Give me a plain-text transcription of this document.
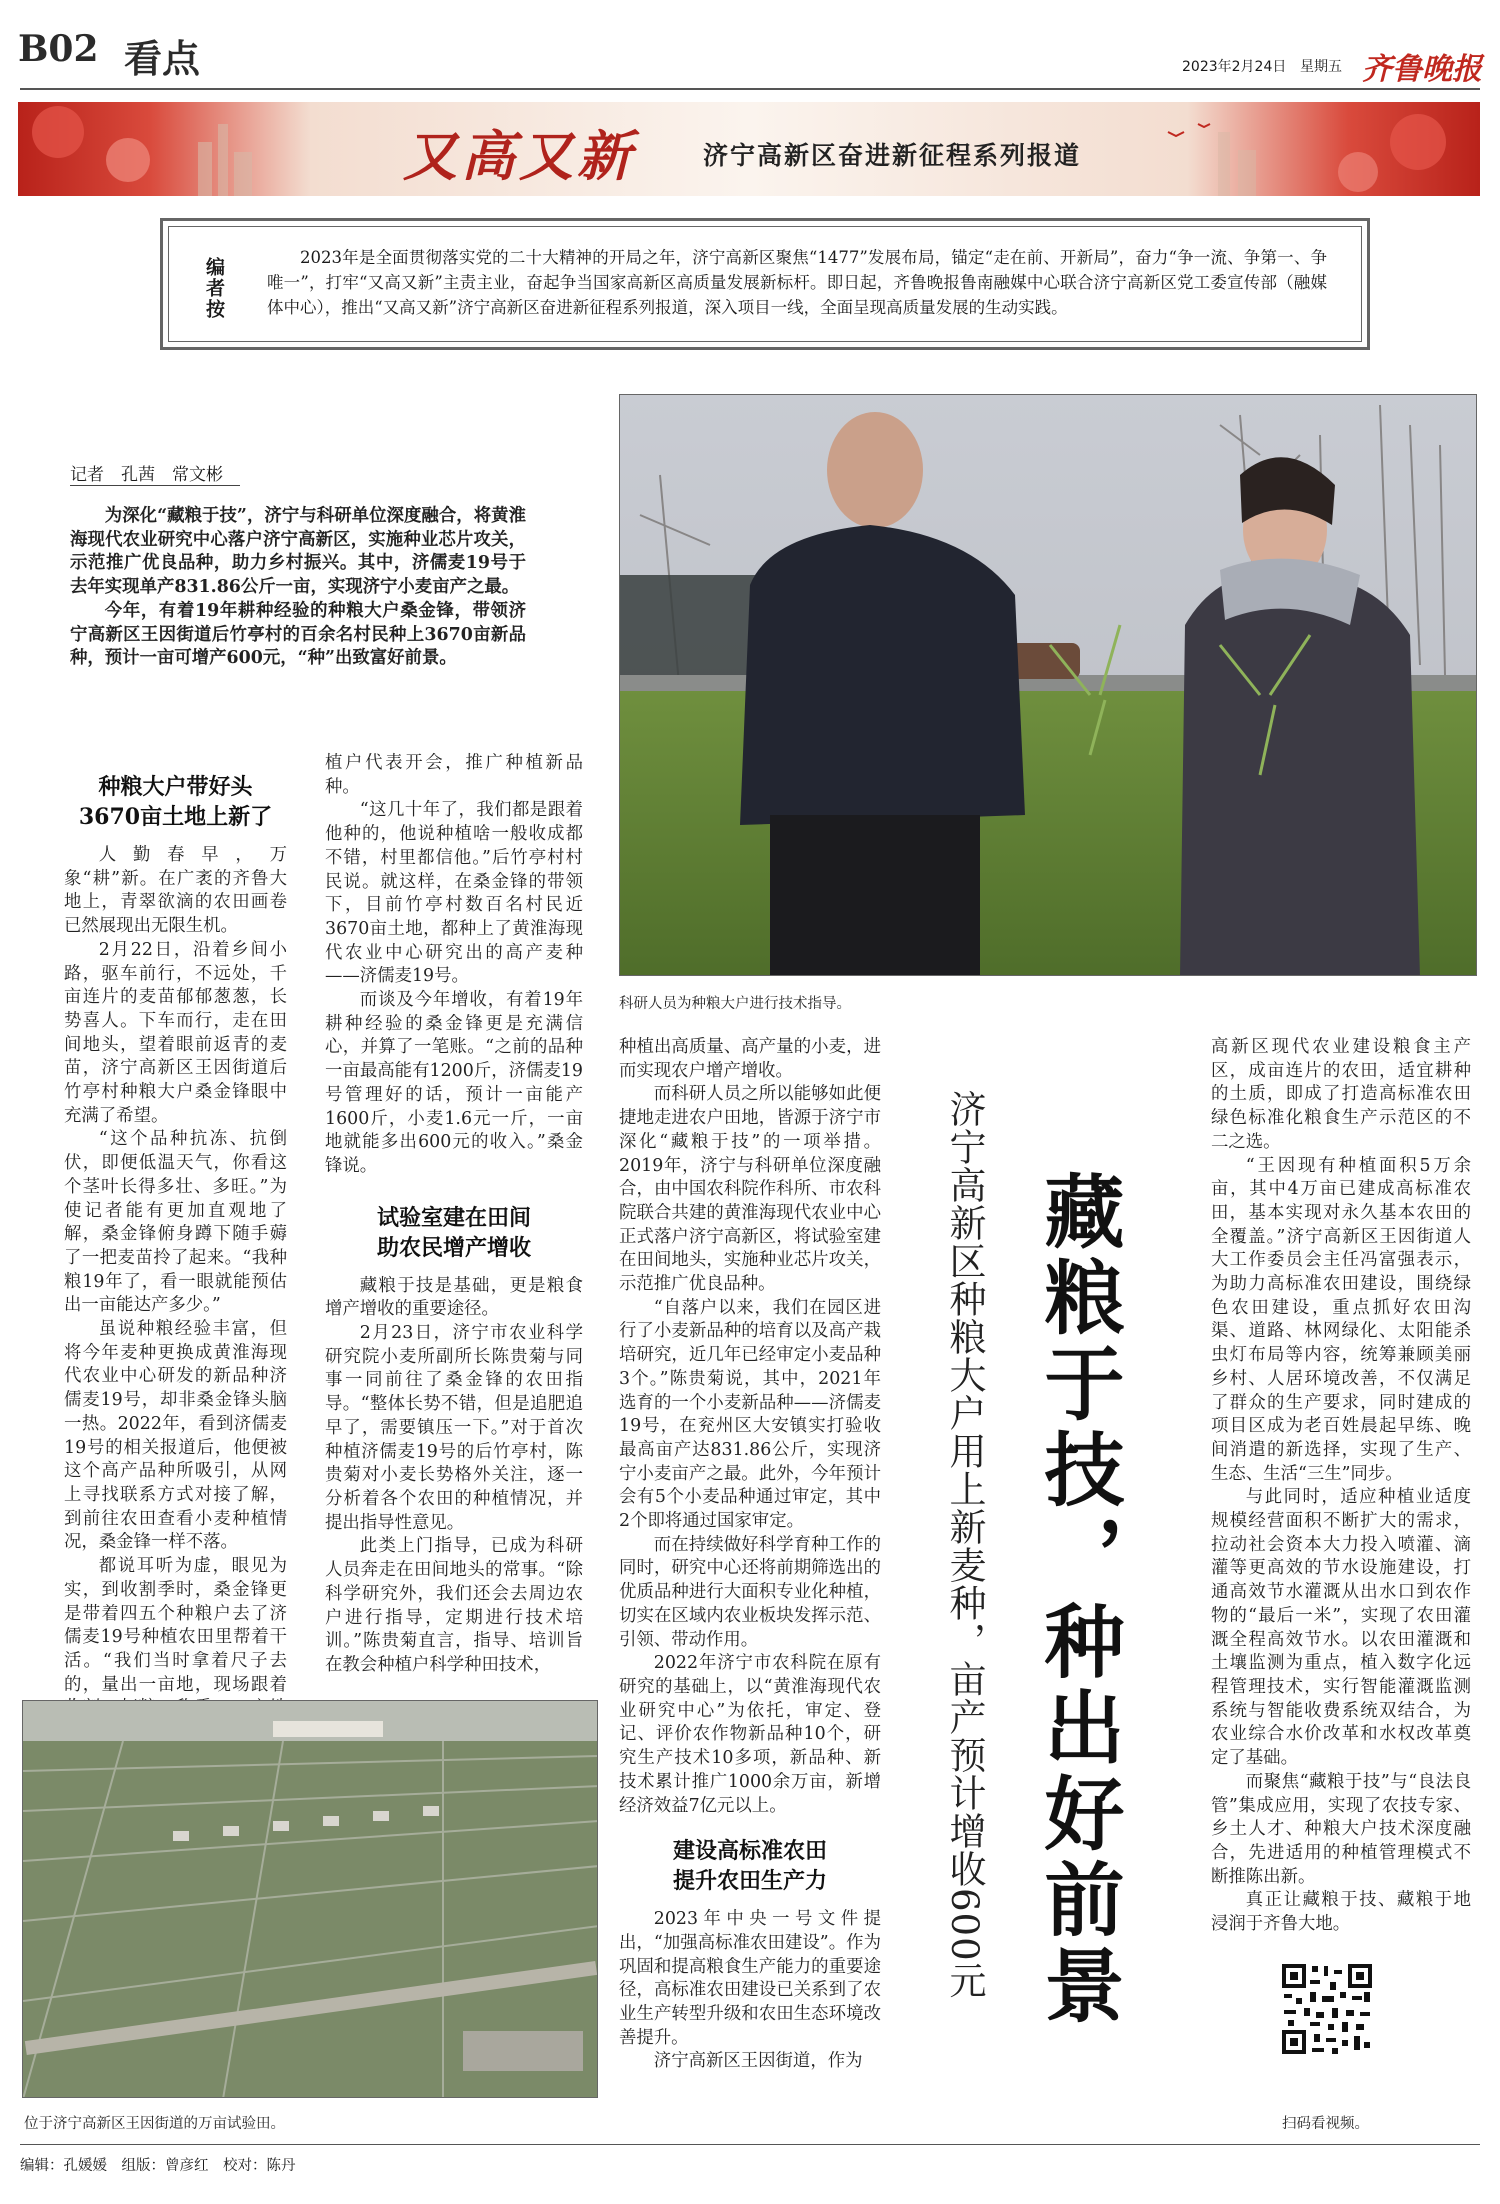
B02 看点	2023年2月24日 星期五 齐鲁晚报
又高又新	济宁高新区奋进新征程系列报道
编者按	2023年是全面贯彻落实党的二十大精神的开局之年，济宁高新区聚焦“1477”发展布局，锚定“走在前、开新局”，奋力“争一流、争第一、争唯一”，打牢“又高又新”主责主业，奋起争当国家高新区高质量发展新标杆。即日起，齐鲁晚报鲁南融媒中心联合济宁高新区党工委宣传部（融媒体中心），推出“又高又新”济宁高新区奋进新征程系列报道，深入项目一线，全面呈现高质量发展的生动实践。
记者　孔茜　常文彬

为深化“藏粮于技”，济宁与科研单位深度融合，将黄淮海现代农业研究中心落户济宁高新区，实施种业芯片攻关，示范推广优良品种，助力乡村振兴。其中，济儒麦19号于去年实现单产831.86公斤一亩，实现济宁小麦亩产之最。

今年，有着19年耕种经验的种粮大户桑金锋，带领济宁高新区王因街道后竹亭村的百余名村民种上3670亩新品种，预计一亩可增产600元，“种”出致富好前景。

科研人员为种粮大户进行技术指导。
种粮大户带好头
3670亩土地上新了

人勤春早，万象“耕”新。在广袤的齐鲁大地上，青翠欲滴的农田画卷已然展现出无限生机。

2月22日，沿着乡间小路，驱车前行，不远处，千亩连片的麦苗郁郁葱葱，长势喜人。下车而行，走在田间地头，望着眼前返青的麦苗，济宁高新区王因街道后竹亭村种粮大户桑金锋眼中充满了希望。

“这个品种抗冻、抗倒伏，即便低温天气，你看这个茎叶长得多壮、多旺。”为使记者能有更加直观地了解，桑金锋俯身蹲下随手薅了一把麦苗拎了起来。“我种粮19年了，看一眼就能预估出一亩能达产多少。”

虽说种粮经验丰富，但将今年麦种更换成黄淮海现代农业中心研发的新品种济儒麦19号，却非桑金锋头脑一热。2022年，看到济儒麦19号的相关报道后，他便被这个高产品种所吸引，从网上寻找联系方式对接了解，到前往农田查看小麦种植情况，桑金锋一样不落。

都说耳听为虚，眼见为实，到收割季时，桑金锋更是带着四五个种粮户去了济儒麦19号种植农田里帮着干活。“我们当时拿着尺子去的，量出一亩地，现场跟着

植户代表开会，推广种植新品种。

“这几十年了，我们都是跟着他种的，他说种植啥一般收成都不错，村里都信他。”后竹亭村村民说。就这样，在桑金锋的带领下，目前竹亭村数百名村民近3670亩土地，都种上了黄淮海现代农业中心研究出的高产麦种——济儒麦19号。

而谈及今年增收，有着19年耕种经验的桑金锋更是充满信心，并算了一笔账。“之前的品种一亩最高能有1200斤，济儒麦19号管理好的话，预计一亩能产1600斤，小麦1.6元一斤，一亩地就能多出600元的收入。”桑金锋说。

试验室建在田间
助农民增产增收

藏粮于技是基础，更是粮食增产增收的重要途径。

2月23日，济宁市农业科学研究院小麦所副所长陈贵菊与同事一同前往了桑金锋的农田指导。“整体长势不错，但是追肥追早了，需要镇压一下。”对于首次种植济儒麦19号的后竹亭村，陈贵菊对小麦长势格外关注，逐一分析着各个农田的种植情况，并提出指导性意见。

此类上门指导，已成为科研人员奔走在田间地头的常事。“除科学研究外，我们还会去周边农户进行指导，定期进行技术培训。”陈贵菊直言，指导、培训旨在教会种植户科学种田技术，

种植出高质量、高产量的小麦，进而实现农户增产增收。

而科研人员之所以能够如此便捷地走进农户田地，皆源于济宁市深化“藏粮于技”的一项举措。2019年，济宁与科研单位深度融合，由中国农科院作科所、市农科院联合共建的黄淮海现代农业中心正式落户济宁高新区，将试验室建在田间地头，实施种业芯片攻关，示范推广优良品种。

“自落户以来，我们在园区进行了小麦新品种的培育以及高产栽培研究，近几年已经审定小麦品种3个。”陈贵菊说，其中，2021年选育的一个小麦新品种——济儒麦19号，在兖州区大安镇实打验收最高亩产达831.86公斤，实现济宁小麦亩产之最。此外，今年预计会有5个小麦品种通过审定，其中2个即将通过国家审定。

而在持续做好科学育种工作的同时，研究中心还将前期筛选出的优质品种进行大面积专业化种植，切实在区域内农业板块发挥示范、引领、带动作用。

2022年济宁市农科院在原有研究的基础上，以“黄淮海现代农业研究中心”为依托，审定、登记、评价农作物新品种10个，研究生产技术10多项，新品种、新技术累计推广1000余万亩，新增经济效益7亿元以上。

建设高标准农田
提升农田生产力

2023年中央一号文件提出，“加强高标准农田建设”。作为巩固和提高粮食生产能力的重要途径，高标准农田建设已关系到了农业生产转型升级和农田生态环境改善提升。

济宁高新区王因街道，作为

济宁高新区种粮大户用上新麦种，亩产预计增收600元 藏粮于技，种出好前景

高新区现代农业建设粮食主产区，成亩连片的农田，适宜耕种的土质，即成了打造高标准农田绿色标准化粮食生产示范区的不二之选。

“王因现有种植面积5万余亩，其中4万亩已建成高标准农田，基本实现对永久基本农田的全覆盖。”济宁高新区王因街道人大工作委员会主任冯富强表示，为助力高标准农田建设，围绕绿色农田建设，重点抓好农田沟渠、道路、林网绿化、太阳能杀虫灯布局等内容，统筹兼顾美丽乡村、人居环境改善，不仅满足了群众的生产要求，同时建成的项目区成为老百姓晨起早练、晚间消遣的新选择，实现了生产、生态、生活“三生”同步。

与此同时，适应种植业适度规模经营面积不断扩大的需求，拉动社会资本大力投入喷灌、滴灌等更高效的节水设施建设，打通高效节水灌溉从出水口到农作物的“最后一米”，实现了农田灌溉全程高效节水。以农田灌溉和土壤监测为重点，植入数字化远程管理技术，实行智能灌溉监测系统与智能收费系统双结合，为农业综合水价改革和水权改革奠定了基础。

而聚焦“藏粮于技”与“良法良管”集成应用，实现了农技专家、乡土人才、种粮大户技术深度融合，先进适用的种植管理模式不断推陈出新。

真正让藏粮于技、藏粮于地浸润于齐鲁大地。

扫码看视频。
位于济宁高新区王因街道的万亩试验田。
编辑：孔媛媛　组版：曾彦红　校对：陈丹
